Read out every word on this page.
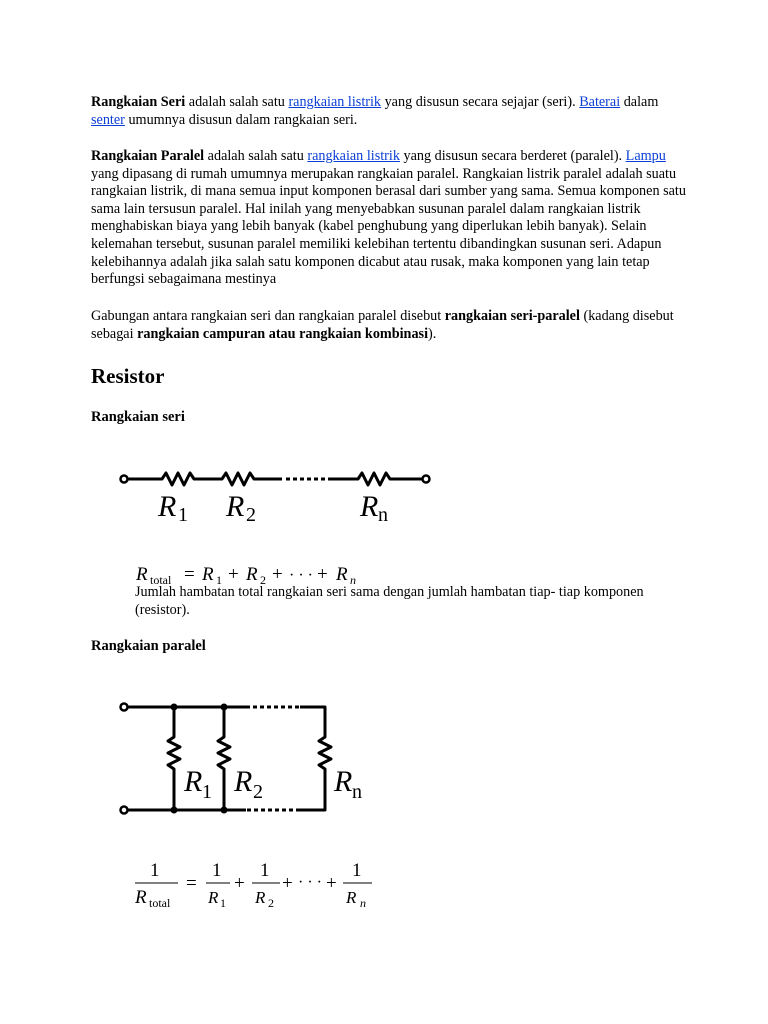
Rangkaian Seri adalah salah satu rangkaian listrik yang disusun secara sejajar (seri). Baterai dalam senter umumnya disusun dalam rangkaian seri.

Rangkaian Paralel adalah salah satu rangkaian listrik yang disusun secara berderet (paralel). Lampu yang dipasang di rumah umumnya merupakan rangkaian paralel. Rangkaian listrik paralel adalah suatu rangkaian listrik, di mana semua input komponen berasal dari sumber yang sama. Semua komponen satu sama lain tersusun paralel. Hal inilah yang menyebabkan susunan paralel dalam rangkaian listrik menghabiskan biaya yang lebih banyak (kabel penghubung yang diperlukan lebih banyak). Selain kelemahan tersebut, susunan paralel memiliki kelebihan tertentu dibandingkan susunan seri. Adapun kelebihannya adalah jika salah satu komponen dicabut atau rusak, maka komponen yang lain tetap berfungsi sebagaimana mestinya

Gabungan antara rangkaian seri dan rangkaian paralel disebut rangkaian seri-paralel (kadang disebut sebagai rangkaian campuran atau rangkaian kombinasi).

Resistor
Rangkaian seri

Jumlah hambatan total rangkaian seri sama dengan jumlah hambatan tiap- tiap komponen (resistor).

Rangkaian paralel
R 1 R 2	R n
R total = R 1 + R 2 + · · · + R n
R 1 R 2 R n
1
R total
=
1
R 1
+
1
R 2
+ · · · +
1
R n
